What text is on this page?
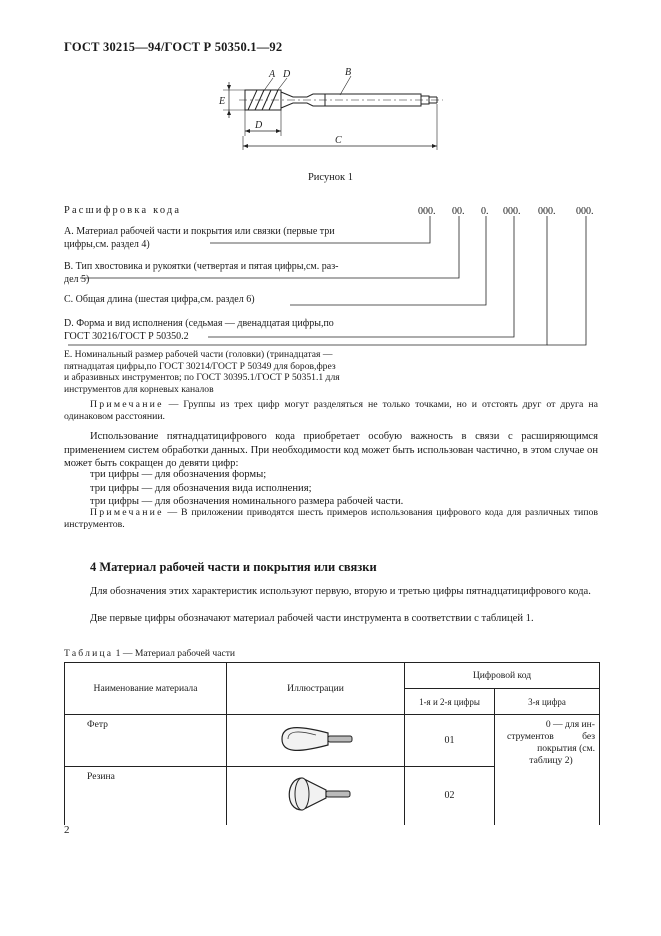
ГОСТ 30215—94/ГОСТ Р 50350.1—92
А D	В
Е
D
С
Рисунок 1
Расшифровка кода	000. 00. 0. 000. 000. 000.
А. Материал рабочей части и покрытия или связки (первые три
цифры,см. раздел 4)
В. Тип хвостовика и рукоятки (четвертая и пятая цифры,см. раз-
дел 5)
С. Общая длина (шестая цифра,см. раздел 6)
D. Форма и вид исполнения (седьмая — двенадцатая цифры,по
ГОСТ 30216/ГОСТ Р 50350.2
Е. Номинальный размер рабочей части (головки) (тринадцатая —
пятнадцатая цифры,по ГОСТ 30214/ГОСТ Р 50349 для боров,фрез
и абразивных инструментов; по ГОСТ 30395.1/ГОСТ Р 50351.1 для
инструментов для корневых каналов
Примечание — Группы из трех цифр могут разделяться не только точками, но и отстоять друг от друга на одинаковом расстоянии.
Использование пятнадцатицифрового кода приобретает особую важность в связи с расширяющимся применением систем обработки данных. При необходимости код может быть использован частично, в этом случае он может быть сокращен до девяти цифр:
три цифры — для обозначения формы;
три цифры — для обозначения вида исполнения;
три цифры — для обозначения номинального размера рабочей части.
Примечание — В приложении приводятся шесть примеров использования цифрового кода для различных типов инструментов.
4 Материал рабочей части и покрытия или связки
Для обозначения этих характеристик используют первую, вторую и третью цифры пятнадцатицифрового кода.
Две первые цифры обозначают материал рабочей части инструмента в соответствии с таблицей 1.
Таблица 1 — Материал рабочей части
Наименование материала	Иллюстрации	Цифровой код	
		1-я и 2-я цифры	3-я цифра
Фетр		01	0 — для ин-
струментов без
покрытия (см.
таблицу 2)

Резина		02	
2
